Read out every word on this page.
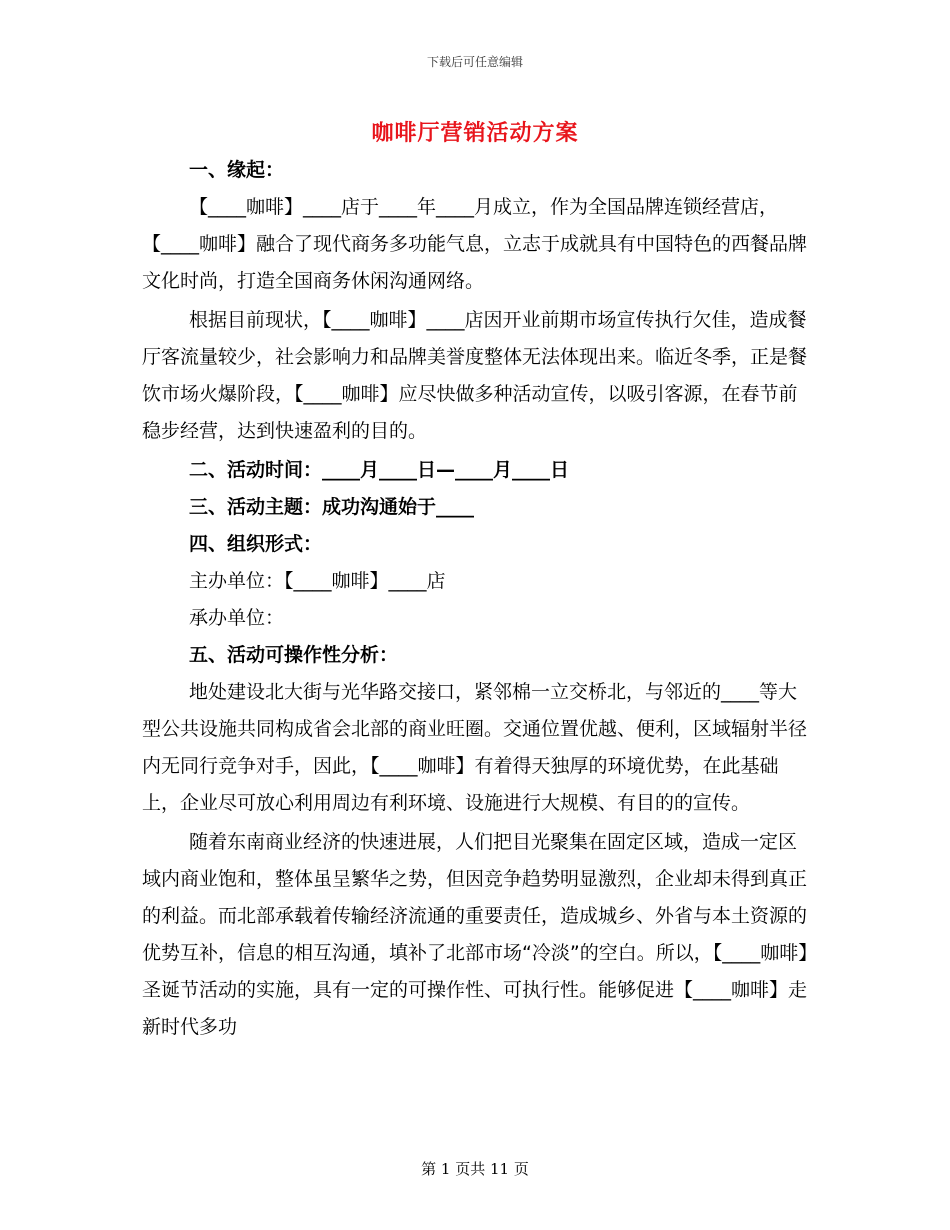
下载后可任意编辑
咖啡厅营销活动方案

一、缘起：

【____咖啡】____店于____年____月成立，作为全国品牌连锁经营店，【____咖啡】融合了现代商务多功能气息，立志于成就具有中国特色的西餐品牌文化时尚，打造全国商务休闲沟通网络。

根据目前现状，【____咖啡】____店因开业前期市场宣传执行欠佳，造成餐厅客流量较少，社会影响力和品牌美誉度整体无法体现出来。临近冬季，正是餐饮市场火爆阶段，【____咖啡】应尽快做多种活动宣传，以吸引客源，在春节前稳步经营，达到快速盈利的目的。

二、活动时间：____月____日—____月____日

三、活动主题：成功沟通始于____

四、组织形式：

主办单位：【____咖啡】____店

承办单位：

五、活动可操作性分析：

地处建设北大街与光华路交接口，紧邻棉一立交桥北，与邻近的____等大型公共设施共同构成省会北部的商业旺圈。交通位置优越、便利，区域辐射半径内无同行竞争对手，因此，【____咖啡】有着得天独厚的环境优势，在此基础上，企业尽可放心利用周边有利环境、设施进行大规模、有目的的宣传。

随着东南商业经济的快速进展，人们把目光聚集在固定区域，造成一定区域内商业饱和，整体虽呈繁华之势，但因竞争趋势明显激烈，企业却未得到真正的利益。而北部承载着传输经济流通的重要责任，造成城乡、外省与本土资源的优势互补，信息的相互沟通，填补了北部市场“冷淡”的空白。所以，【____咖啡】圣诞节活动的实施，具有一定的可操作性、可执行性。能够促进【____咖啡】走新时代多功

第 1 页共 11 页
